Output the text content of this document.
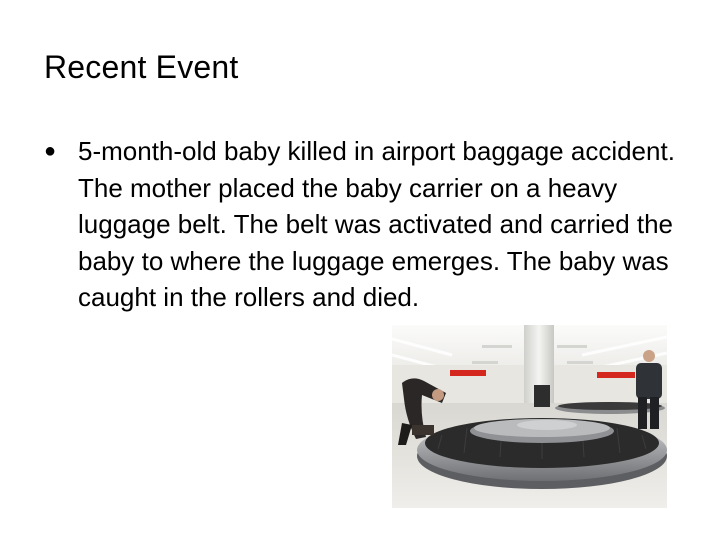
Recent Event
● 5-month-old baby killed in airport baggage accident. The mother placed the baby carrier on a heavy luggage belt. The belt was activated and carried the baby to where the luggage emerges. The baby was caught in the rollers and died.
